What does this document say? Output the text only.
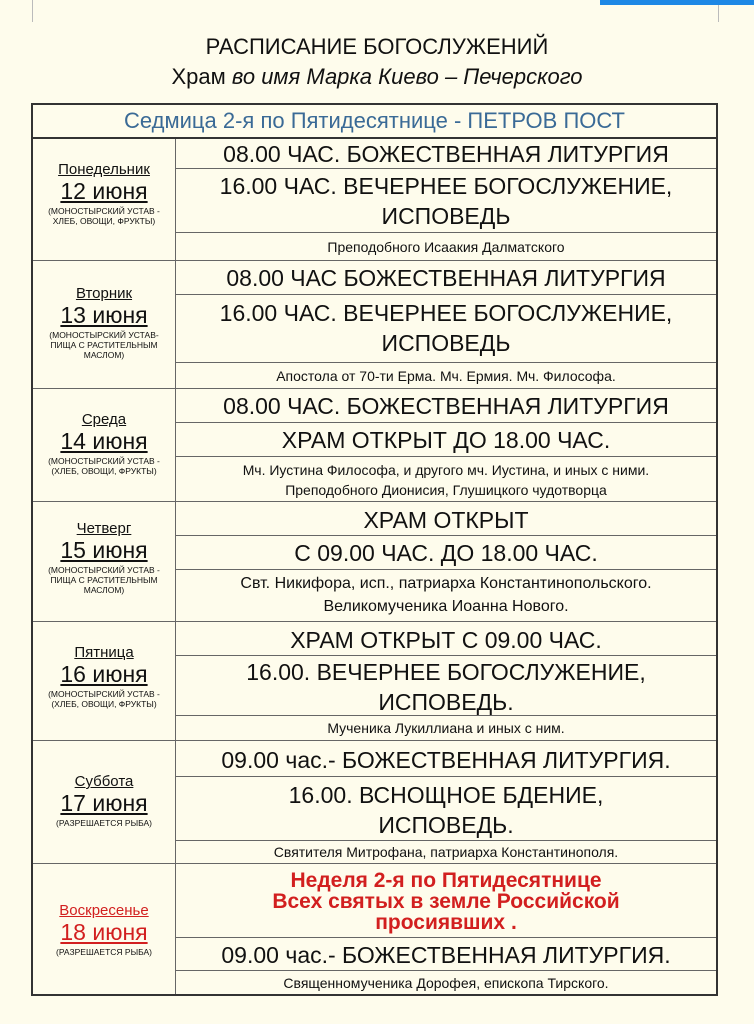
РАСПИСАНИЕ БОГОСЛУЖЕНИЙ
Храм во имя Марка Киево – Печерского
Седмица 2-я по Пятидесятнице - ПЕТРОВ ПОСТ
Понедельник
12 июня
(МОНОСТЫРСКИЙ УСТАВ - ХЛЕБ, ОВОЩИ, ФРУКТЫ)
08.00 ЧАС. БОЖЕСТВЕННАЯ ЛИТУРГИЯ
16.00 ЧАС. ВЕЧЕРНЕЕ БОГОСЛУЖЕНИЕ,
ИСПОВЕДЬ
Преподобного Исаакия Далматского
Вторник
13 июня
(МОНОСТЫРСКИЙ УСТАВ- ПИЩА С РАСТИТЕЛЬНЫМ МАСЛОМ)
08.00 ЧАС БОЖЕСТВЕННАЯ ЛИТУРГИЯ
16.00 ЧАС. ВЕЧЕРНЕЕ БОГОСЛУЖЕНИЕ,
ИСПОВЕДЬ
Апостола от 70-ти Ерма. Мч. Ермия. Мч. Философа.
Среда
14 июня
(МОНОСТЫРСКИЙ УСТАВ - (ХЛЕБ, ОВОЩИ, ФРУКТЫ)
08.00 ЧАС. БОЖЕСТВЕННАЯ ЛИТУРГИЯ
ХРАМ ОТКРЫТ ДО 18.00 ЧАС.
Мч. Иустина Философа, и другого мч. Иустина, и иных с ними.
Преподобного Дионисия, Глушицкого чудотворца
Четверг
15 июня
(МОНОСТЫРСКИЙ УСТАВ - ПИЩА С РАСТИТЕЛЬНЫМ МАСЛОМ)
ХРАМ ОТКРЫТ
С 09.00 ЧАС. ДО 18.00 ЧАС.
Свт. Никифора, исп., патриарха Константинопольского.
Великомученика Иоанна Нового.
Пятница
16 июня
(МОНОСТЫРСКИЙ УСТАВ - (ХЛЕБ, ОВОЩИ, ФРУКТЫ)
ХРАМ ОТКРЫТ С 09.00 ЧАС.
16.00. ВЕЧЕРНЕЕ БОГОСЛУЖЕНИЕ,
ИСПОВЕДЬ.
Мученика Лукиллиана и иных с ним.
Суббота
17 июня
(РАЗРЕШАЕТСЯ РЫБА)
09.00 час.- БОЖЕСТВЕННАЯ ЛИТУРГИЯ.
16.00. ВСНОЩНОЕ БДЕНИЕ,
ИСПОВЕДЬ.
Святителя Митрофана, патриарха Константинополя.
Воскресенье
18 июня
(РАЗРЕШАЕТСЯ РЫБА)
Неделя 2-я по Пятидесятнице
Всех святых в земле Российской
просиявших .
09.00 час.- БОЖЕСТВЕННАЯ ЛИТУРГИЯ.
Священномученика Дорофея, епископа Тирского.
